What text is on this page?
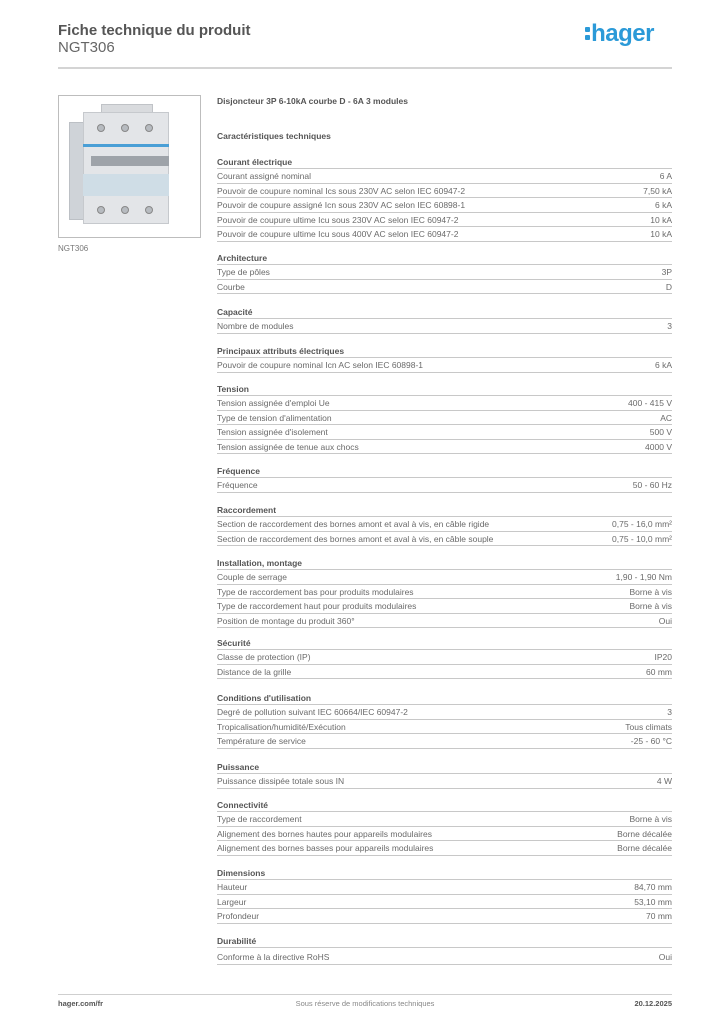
Fiche technique du produit
NGT306
hager
NGT306
Disjoncteur 3P 6-10kA courbe D - 6A 3 modules
Caractéristiques techniques
Courant électrique
Courant assigné nominal	6 A
Pouvoir de coupure nominal Ics sous 230V AC selon IEC 60947-2	7,50 kA
Pouvoir de coupure assigné Icn sous 230V AC selon IEC 60898-1	6 kA
Pouvoir de coupure ultime Icu sous 230V AC selon IEC 60947-2	10 kA
Pouvoir de coupure ultime Icu sous 400V AC selon IEC 60947-2	10 kA
Architecture
Type de pôles	3P
Courbe	D
Capacité
Nombre de modules	3
Principaux attributs électriques
Pouvoir de coupure nominal Icn AC selon IEC 60898-1	6 kA
Tension
Tension assignée d'emploi Ue	400 - 415 V
Type de tension d'alimentation	AC
Tension assignée d'isolement	500 V
Tension assignée de tenue aux chocs	4000 V
Fréquence
Fréquence	50 - 60 Hz
Raccordement
Section de raccordement des bornes amont et aval à vis, en câble rigide	0,75 - 16,0 mm²
Section de raccordement des bornes amont et aval à vis, en câble souple	0,75 - 10,0 mm²
Installation, montage
Couple de serrage	1,90 - 1,90 Nm
Type de raccordement bas pour produits modulaires	Borne à vis
Type de raccordement haut pour produits modulaires	Borne à vis
Position de montage du produit 360°	Oui
Sécurité
Classe de protection (IP)	IP20
Distance de la grille	60 mm
Conditions d'utilisation
Degré de pollution suivant IEC 60664/IEC 60947-2	3
Tropicalisation/humidité/Exécution	Tous climats
Température de service	-25 - 60 °C
Puissance
Puissance dissipée totale sous IN	4 W
Connectivité
Type de raccordement	Borne à vis
Alignement des bornes hautes pour appareils modulaires	Borne décalée
Alignement des bornes basses pour appareils modulaires	Borne décalée
Dimensions
Hauteur	84,70 mm
Largeur	53,10 mm
Profondeur	70 mm
Durabilité
Conforme à la directive RoHS	Oui
hager.com/fr	Sous réserve de modifications techniques	20.12.2025
